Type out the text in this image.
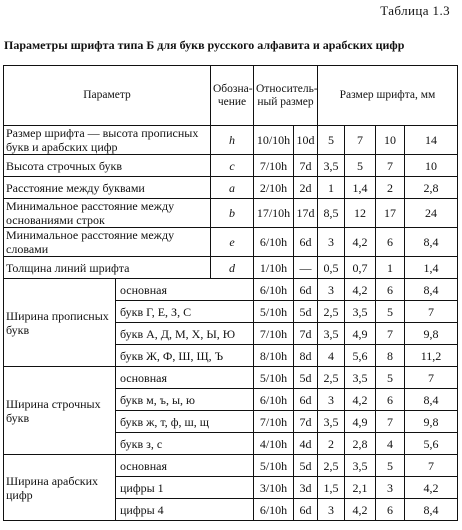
Таблица 1.3
Параметры шрифта типа Б для букв русского алфавита и арабских цифр
Параметр		Обозна-чение	Относитель-ный размер		Размер шрифта, мм			
Размер шрифта — высота прописных букв и арабских цифр		h	10/10h	10d	5	7	10	14
Высота строчных букв		c	7/10h	7d	3,5	5	7	10
Расстояние между буквами		a	2/10h	2d	1	1,4	2	2,8
Минимальное расстояние между основаниями строк		b	17/10h	17d	8,5	12	17	24
Минимальное расстояние между словами		e	6/10h	6d	3	4,2	6	8,4
Толщина линий шрифта		d	1/10h	—	0,5	0,7	1	1,4
Ширина прописных букв	основная		6/10h	6d	3	4,2	6	8,4
	букв Г, Е, З, С		5/10h	5d	2,5	3,5	5	7
	букв А, Д, М, Х, Ы, Ю		7/10h	7d	3,5	4,9	7	9,8
	букв Ж, Ф, Ш, Щ, Ъ		8/10h	8d	4	5,6	8	11,2
Ширина строчных букв	основная		5/10h	5d	2,5	3,5	5	7
	букв м, ъ, ы, ю		6/10h	6d	3	4,2	6	8,4
	букв ж, т, ф, ш, щ		7/10h	7d	3,5	4,9	7	9,8
	букв з, с		4/10h	4d	2	2,8	4	5,6
Ширина арабских цифр	основная		5/10h	5d	2,5	3,5	5	7
	цифры 1		3/10h	3d	1,5	2,1	3	4,2
	цифры 4		6/10h	6d	3	4,2	6	8,4
